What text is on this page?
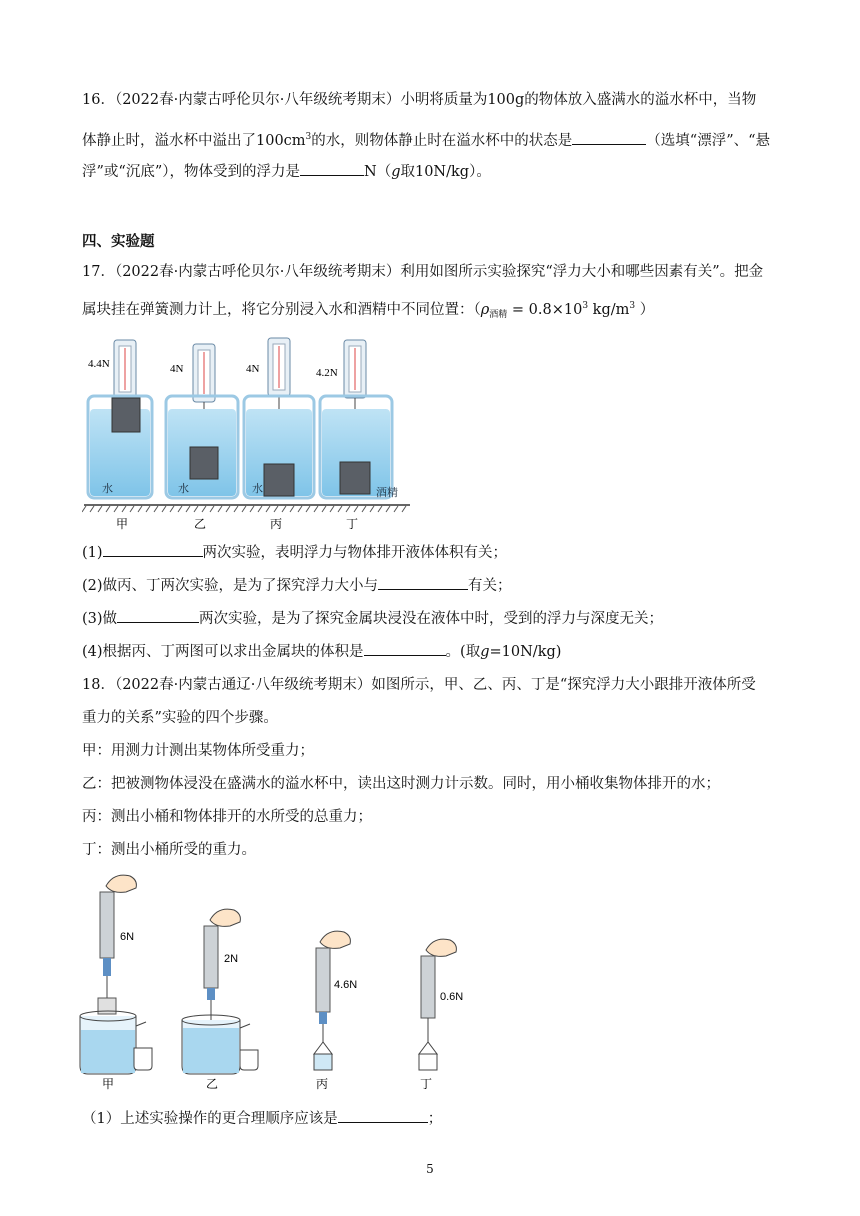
16．（2022春·内蒙古呼伦贝尔·八年级统考期末）小明将质量为100g的物体放入盛满水的溢水杯中，当物
体静止时，溢水杯中溢出了$100cm^3$的水，则物体静止时在溢水杯中的状态是	（选填“漂浮”、“悬
浮”或“沉底”），物体受到的浮力是	N（g取10N/kg）。
四、实验题
17．（2022春·内蒙古呼伦贝尔·八年级统考期末）利用如图所示实验探究“浮力大小和哪些因素有关”。把金
属块挂在弹簧测力计上，将它分别浸入水和酒精中不同位置：（$\rho_{酒精} = 0.8\times 10^3$ $kg/m^3$ ）
4.4N
水
甲
4N
水
乙
4N
水
丙
4.2N
酒精
丁
(1)	两次实验，表明浮力与物体排开液体体积有关；
(2)做丙、丁两次实验，是为了探究浮力大小与	有关；
(3)做	两次实验，是为了探究金属块浸没在液体中时，受到的浮力与深度无关；
(4)根据丙、丁两图可以求出金属块的体积是	。(取g=10N/kg)
18．（2022春·内蒙古通辽·八年级统考期末）如图所示，甲、乙、丙、丁是“探究浮力大小跟排开液体所受
重力的关系”实验的四个步骤。
甲：用测力计测出某物体所受重力；
乙：把被测物体浸没在盛满水的溢水杯中，读出这时测力计示数。同时，用小桶收集物体排开的水；
丙：测出小桶和物体排开的水所受的总重力；
丁：测出小桶所受的重力。
6N
甲
2N
乙
4.6N
丙
0.6N
丁
（1）上述实验操作的更合理顺序应该是	；
5
